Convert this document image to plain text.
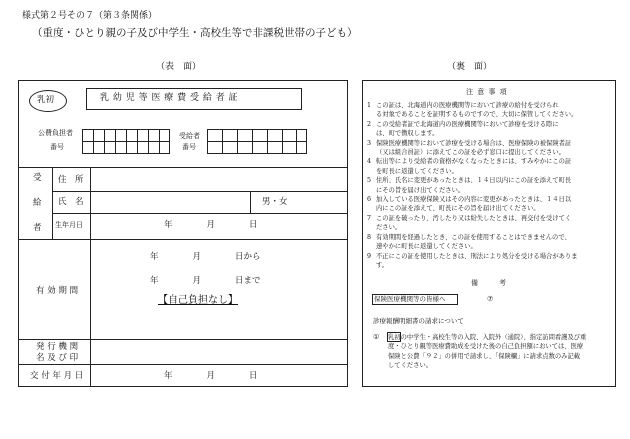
様式第２号その７（第３条関係）
（重度・ひとり親の子及び中学生・高校生等で非課税世帯の子ども）
（表　面）	（裏　面）
乳初	乳 幼 児 等 医 療 費 受 給 者 証
公費負担者
番号
受給者
番号
受
給
者
住　所
氏　名	男・女
生年月日	年　　　　月　　　　日
有 効 期 間
年　　　　月　　　　日から
年　　　　月　　　　日まで
【自己負担なし】
発 行 機 関
名 及 び 印
交 付 年 月 日	年　　　　月　　　　日
注 意 事 項
1 この証は、北海道内の医療機関等において診療の給付を受けられ
る対象であることを証明するものですので、大切に保管してください。
2 この受給者証で北海道内の医療機関等において診療を受ける際に
は、町で徴収します。
3 保険医療機関等において診療を受ける場合は、医療保険の被保険者証
（又は組合員証）に添えてこの証を必ず窓口に提出してください。
4 転出等により受給者の資格がなくなったときには、すみやかにこの証
を町長に返還してください。
5 住所、氏名に変更があったときは、１４日以内にこの証を添えて町長
にその旨を届け出てください。
6 加入している医療保険又はその内容に変更があったときは、１４日以
内にこの証を添えて、町長にその旨を届け出てください。
7 この証を破ったり、汚したり又は紛失したときは、再交付を受けてく
ださい。
8 有効期間を経過したとき、この証を使用することはできませんので、
速やかに町長に返還してください。
9 不正にこの証を使用したときは、刑法により処分を受ける場合がありま
す。
備　　　考
保険医療機関等の皆様へ	⑦
診療報酬明細書の請求について
① 乳初の中学生・高校生等の入院、入院外（通院）、指定訪問看護及び重
度・ひとり親等医療費助成を受けた後の自己負担額においては、医療
保険と公費「９２」の併用で請求し、「保険欄」に請求点数のみ記載
してください。
